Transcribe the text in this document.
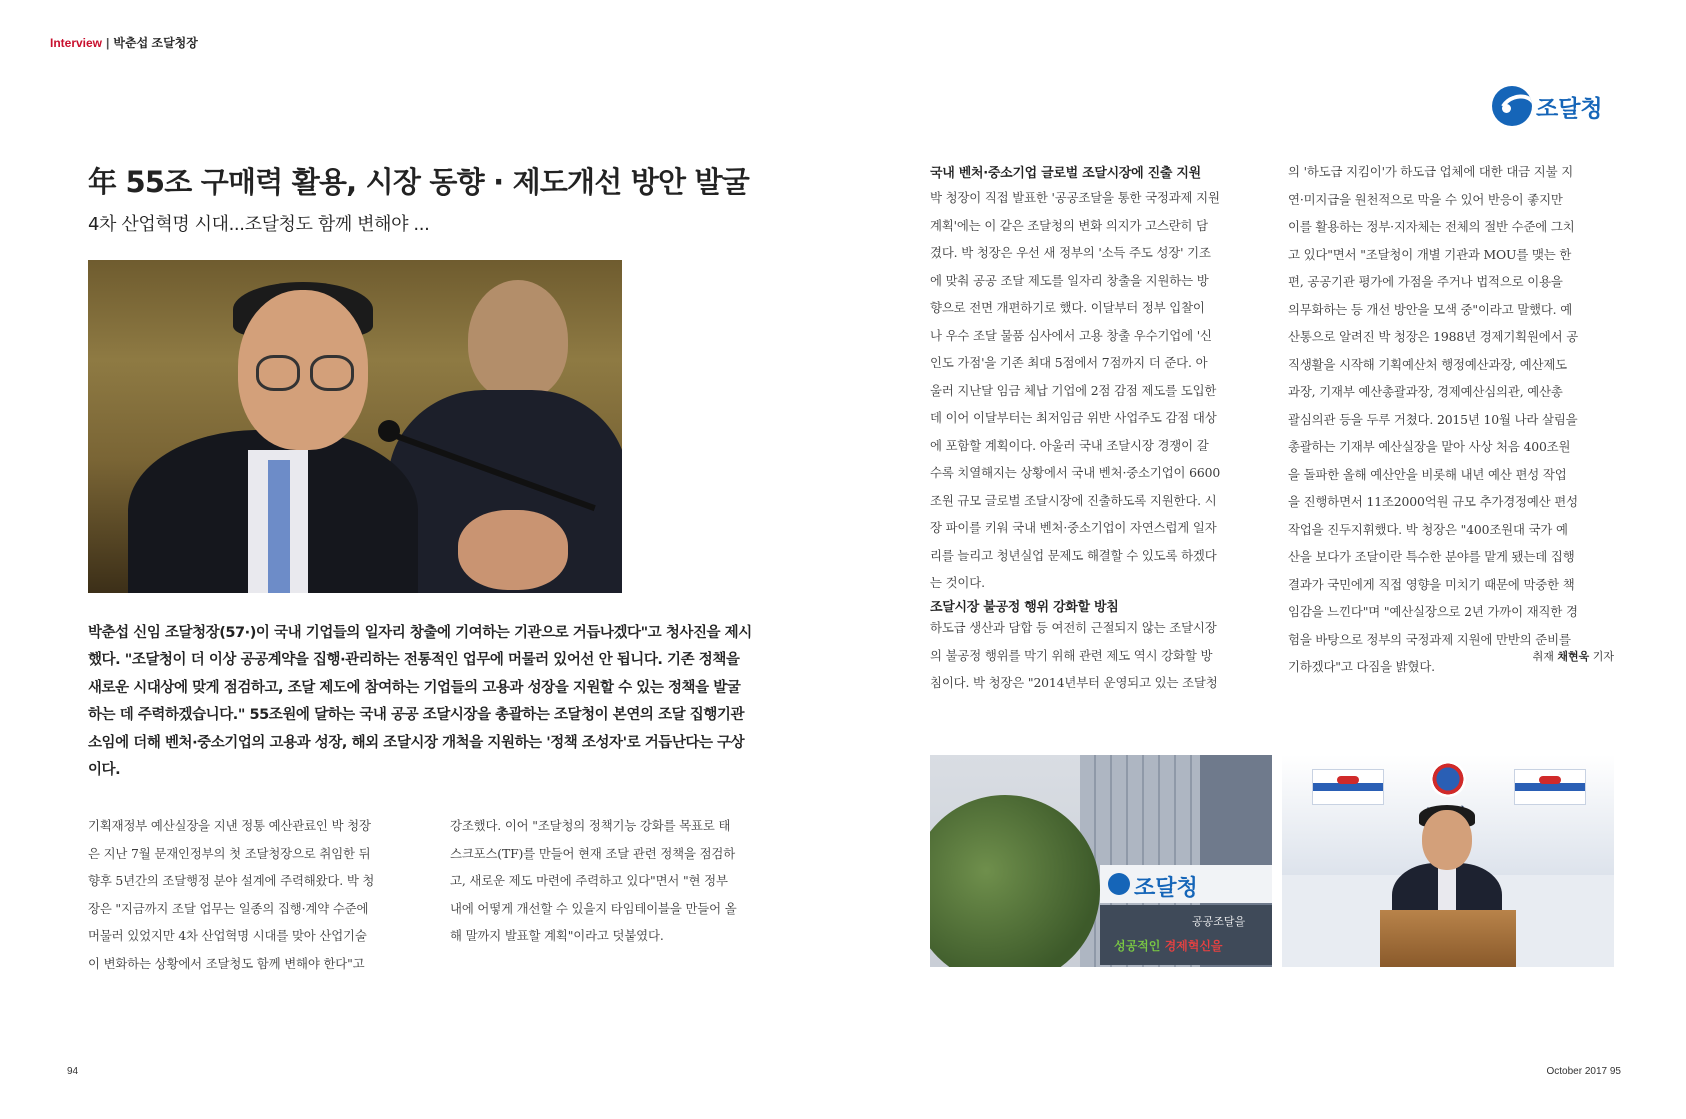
Interview | 박춘섭 조달청장
조달청
年 55조 구매력 활용, 시장 동향 · 제도개선 방안 발굴
4차 산업혁명 시대...조달청도 함께 변해야 ...
박춘섭 신임 조달청장(57·)이 국내 기업들의 일자리 창출에 기여하는 기관으로 거듭나겠다"고 청사진을 제시
했다. "조달청이 더 이상 공공계약을 집행·관리하는 전통적인 업무에 머물러 있어선 안 됩니다. 기존 정책을
새로운 시대상에 맞게 점검하고, 조달 제도에 참여하는 기업들의 고용과 성장을 지원할 수 있는 정책을 발굴
하는 데 주력하겠습니다." 55조원에 달하는 국내 공공 조달시장을 총괄하는 조달청이 본연의 조달 집행기관
소임에 더해 벤처·중소기업의 고용과 성장, 해외 조달시장 개척을 지원하는 '정책 조성자'로 거듭난다는 구상
이다.
기획재정부 예산실장을 지낸 정통 예산관료인 박 청장
은 지난 7월 문재인정부의 첫 조달청장으로 취임한 뒤
향후 5년간의 조달행정 분야 설계에 주력해왔다. 박 청
장은 "지금까지 조달 업무는 일종의 집행·계약 수준에
머물러 있었지만 4차 산업혁명 시대를 맞아 산업기술
이 변화하는 상황에서 조달청도 함께 변해야 한다"고
강조했다. 이어 "조달청의 정책기능 강화를 목표로 태
스크포스(TF)를 만들어 현재 조달 관련 정책을 점검하
고, 새로운 제도 마련에 주력하고 있다"면서 "현 정부
내에 어떻게 개선할 수 있을지 타임테이블을 만들어 올
해 말까지 발표할 계획"이라고 덧붙였다.
국내 벤처·중소기업 글로벌 조달시장에 진출 지원
박 청장이 직접 발표한 '공공조달을 통한 국정과제 지원
계획'에는 이 같은 조달청의 변화 의지가 고스란히 담
겼다. 박 청장은 우선 새 정부의 '소득 주도 성장' 기조
에 맞춰 공공 조달 제도를 일자리 창출을 지원하는 방
향으로 전면 개편하기로 했다. 이달부터 정부 입찰이
나 우수 조달 물품 심사에서 고용 창출 우수기업에 '신
인도 가점'을 기존 최대 5점에서 7점까지 더 준다. 아
울러 지난달 임금 체납 기업에 2점 감점 제도를 도입한
데 이어 이달부터는 최저임금 위반 사업주도 감점 대상
에 포함할 계획이다. 아울러 국내 조달시장 경쟁이 갈
수록 치열해지는 상황에서 국내 벤처·중소기업이 6600
조원 규모 글로벌 조달시장에 진출하도록 지원한다. 시
장 파이를 키워 국내 벤처·중소기업이 자연스럽게 일자
리를 늘리고 청년실업 문제도 해결할 수 있도록 하겠다
는 것이다.
조달시장 불공정 행위 강화할 방침
하도급 생산과 담합 등 여전히 근절되지 않는 조달시장
의 불공정 행위를 막기 위해 관련 제도 역시 강화할 방
침이다. 박 청장은 "2014년부터 운영되고 있는 조달청
의 '하도급 지킴이'가 하도급 업체에 대한 대금 지불 지
연·미지급을 원천적으로 막을 수 있어 반응이 좋지만
이를 활용하는 정부·지자체는 전체의 절반 수준에 그치
고 있다"면서 "조달청이 개별 기관과 MOU를 맺는 한
편, 공공기관 평가에 가점을 주거나 법적으로 이용을
의무화하는 등 개선 방안을 모색 중"이라고 말했다. 예
산통으로 알려진 박 청장은 1988년 경제기획원에서 공
직생활을 시작해 기획예산처 행정예산과장, 예산제도
과장, 기재부 예산총괄과장, 경제예산심의관, 예산총
괄심의관 등을 두루 거쳤다. 2015년 10월 나라 살림을
총괄하는 기재부 예산실장을 맡아 사상 처음 400조원
을 돌파한 올해 예산안을 비롯해 내년 예산 편성 작업
을 진행하면서 11조2000억원 규모 추가경정예산 편성
작업을 진두지휘했다. 박 청장은 "400조원대 국가 예
산을 보다가 조달이란 특수한 분야를 맡게 됐는데 집행
결과가 국민에게 직접 영향을 미치기 때문에 막중한 책
임감을 느낀다"며 "예산실장으로 2년 가까이 재직한 경
험을 바탕으로 정부의 국정과제 지원에 만반의 준비를
기하겠다"고 다짐을 밝혔다.
취재 채현욱 기자
조달청
공공조달을
성공적인 경제혁신을
94	October 2017 95
